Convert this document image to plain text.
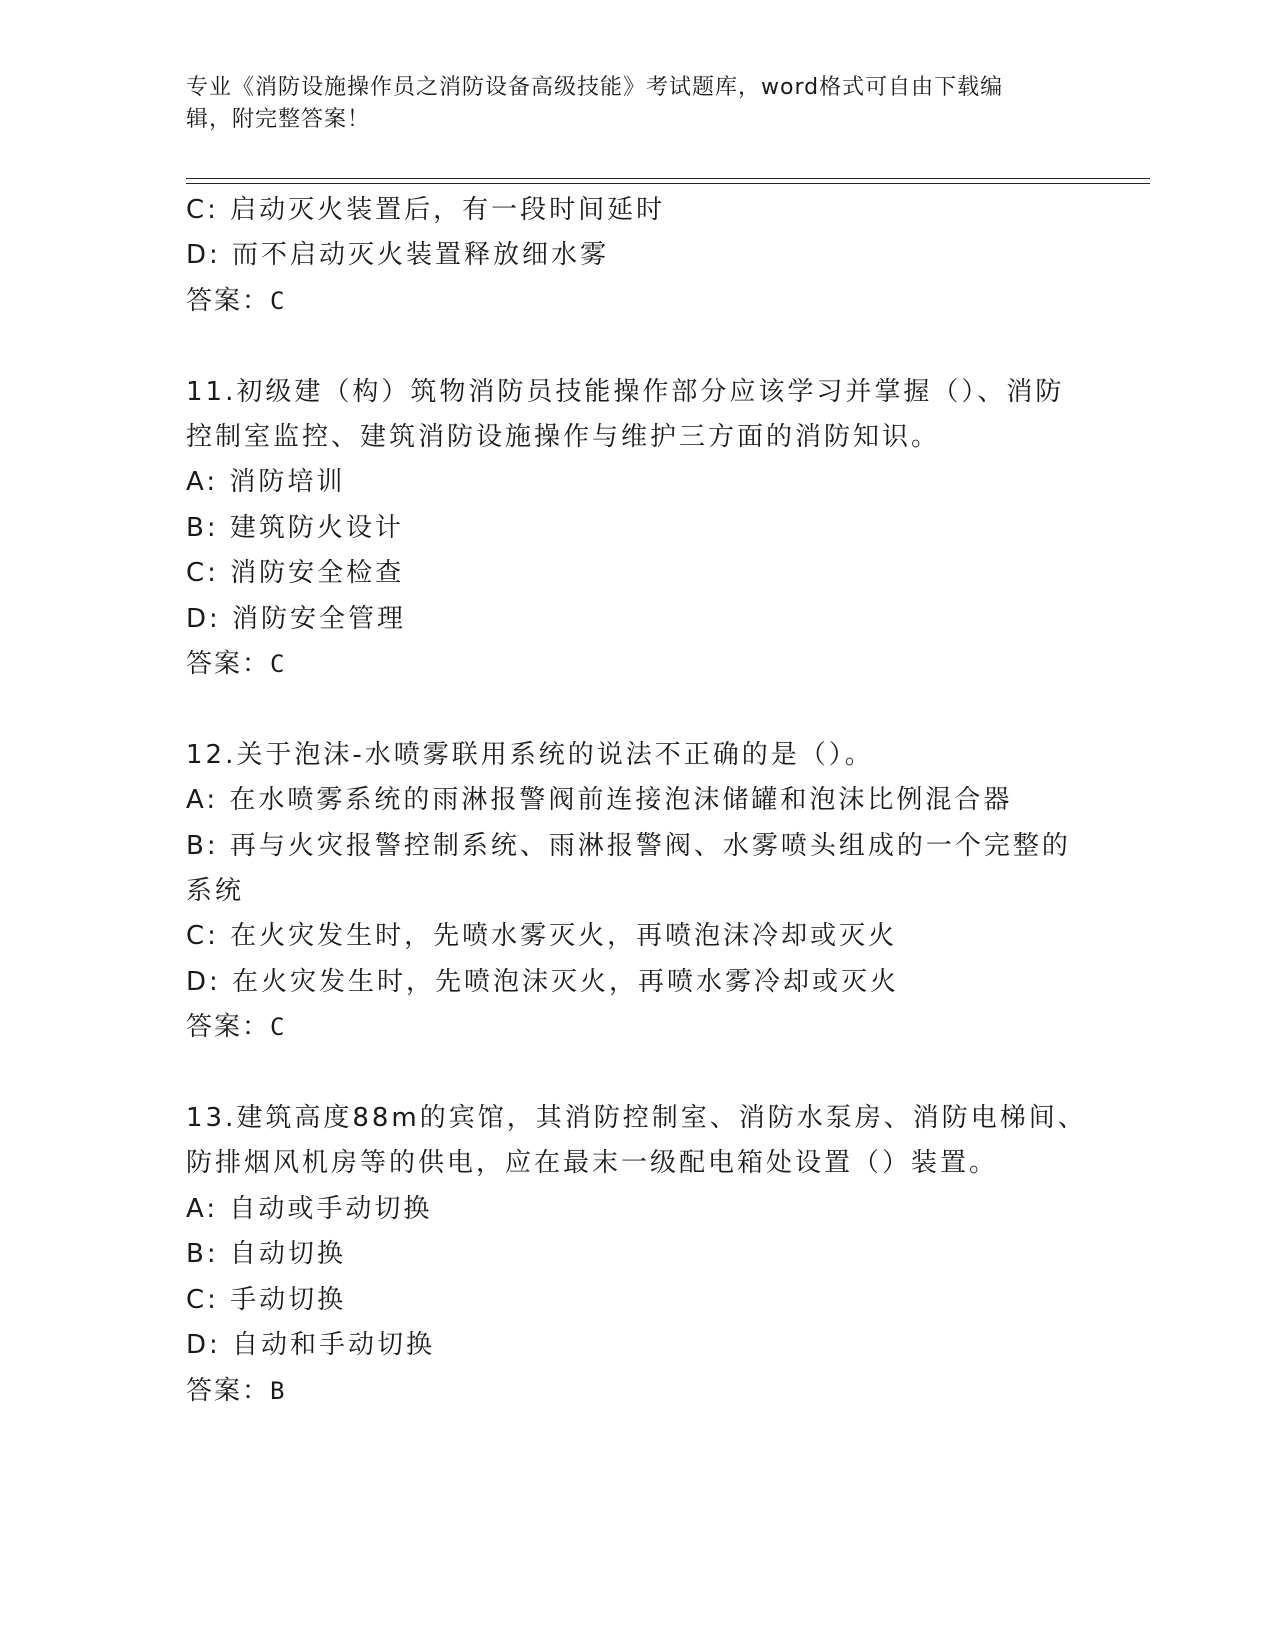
专业《消防设施操作员之消防设备高级技能》考试题库，word格式可自由下载编
辑，附完整答案！
C: 启动灭火装置后，有一段时间延时
D: 而不启动灭火装置释放细水雾
答案：C
11.初级建（构）筑物消防员技能操作部分应该学习并掌握（）、消防
控制室监控、建筑消防设施操作与维护三方面的消防知识。
A: 消防培训
B: 建筑防火设计
C: 消防安全检查
D: 消防安全管理
答案：C
12.关于泡沫-水喷雾联用系统的说法不正确的是（）。
A: 在水喷雾系统的雨淋报警阀前连接泡沫储罐和泡沫比例混合器
B: 再与火灾报警控制系统、雨淋报警阀、水雾喷头组成的一个完整的
系统
C: 在火灾发生时，先喷水雾灭火，再喷泡沫冷却或灭火
D: 在火灾发生时，先喷泡沫灭火，再喷水雾冷却或灭火
答案：C
13.建筑高度88m的宾馆，其消防控制室、消防水泵房、消防电梯间、
防排烟风机房等的供电，应在最末一级配电箱处设置（）装置。
A: 自动或手动切换
B: 自动切换
C: 手动切换
D: 自动和手动切换
答案：B
